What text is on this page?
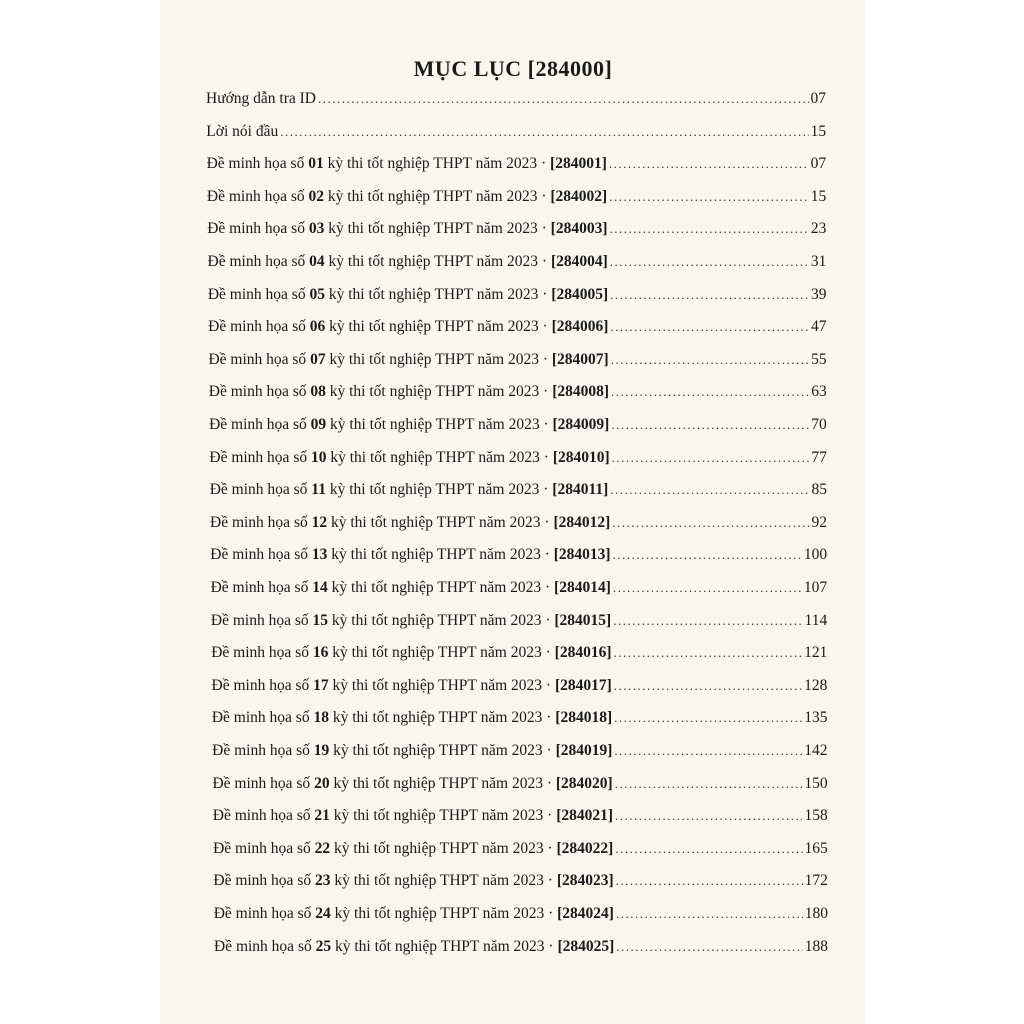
MỤC LỤC [284000]
Hướng dẫn tra ID .....	07
Lời nói đầu .....	15
Đề minh họa số 01 kỳ thi tốt nghiệp THPT năm 2023 · [284001] .....	07
Đề minh họa số 02 kỳ thi tốt nghiệp THPT năm 2023 · [284002] .....	15
Đề minh họa số 03 kỳ thi tốt nghiệp THPT năm 2023 · [284003] .....	23
Đề minh họa số 04 kỳ thi tốt nghiệp THPT năm 2023 · [284004] .....	31
Đề minh họa số 05 kỳ thi tốt nghiệp THPT năm 2023 · [284005] .....	39
Đề minh họa số 06 kỳ thi tốt nghiệp THPT năm 2023 · [284006] .....	47
Đề minh họa số 07 kỳ thi tốt nghiệp THPT năm 2023 · [284007] .....	55
Đề minh họa số 08 kỳ thi tốt nghiệp THPT năm 2023 · [284008] .....	63
Đề minh họa số 09 kỳ thi tốt nghiệp THPT năm 2023 · [284009] .....	70
Đề minh họa số 10 kỳ thi tốt nghiệp THPT năm 2023 · [284010] .....	77
Đề minh họa số 11 kỳ thi tốt nghiệp THPT năm 2023 · [284011] .....	85
Đề minh họa số 12 kỳ thi tốt nghiệp THPT năm 2023 · [284012] .....	92
Đề minh họa số 13 kỳ thi tốt nghiệp THPT năm 2023 · [284013] .....	100
Đề minh họa số 14 kỳ thi tốt nghiệp THPT năm 2023 · [284014] .....	107
Đề minh họa số 15 kỳ thi tốt nghiệp THPT năm 2023 · [284015] .....	114
Đề minh họa số 16 kỳ thi tốt nghiệp THPT năm 2023 · [284016] .....	121
Đề minh họa số 17 kỳ thi tốt nghiệp THPT năm 2023 · [284017] .....	128
Đề minh họa số 18 kỳ thi tốt nghiệp THPT năm 2023 · [284018] .....	135
Đề minh họa số 19 kỳ thi tốt nghiệp THPT năm 2023 · [284019] .....	142
Đề minh họa số 20 kỳ thi tốt nghiệp THPT năm 2023 · [284020] .....	150
Đề minh họa số 21 kỳ thi tốt nghiệp THPT năm 2023 · [284021] .....	158
Đề minh họa số 22 kỳ thi tốt nghiệp THPT năm 2023 · [284022] .....	165
Đề minh họa số 23 kỳ thi tốt nghiệp THPT năm 2023 · [284023] .....	172
Đề minh họa số 24 kỳ thi tốt nghiệp THPT năm 2023 · [284024] .....	180
Đề minh họa số 25 kỳ thi tốt nghiệp THPT năm 2023 · [284025] .....	188
